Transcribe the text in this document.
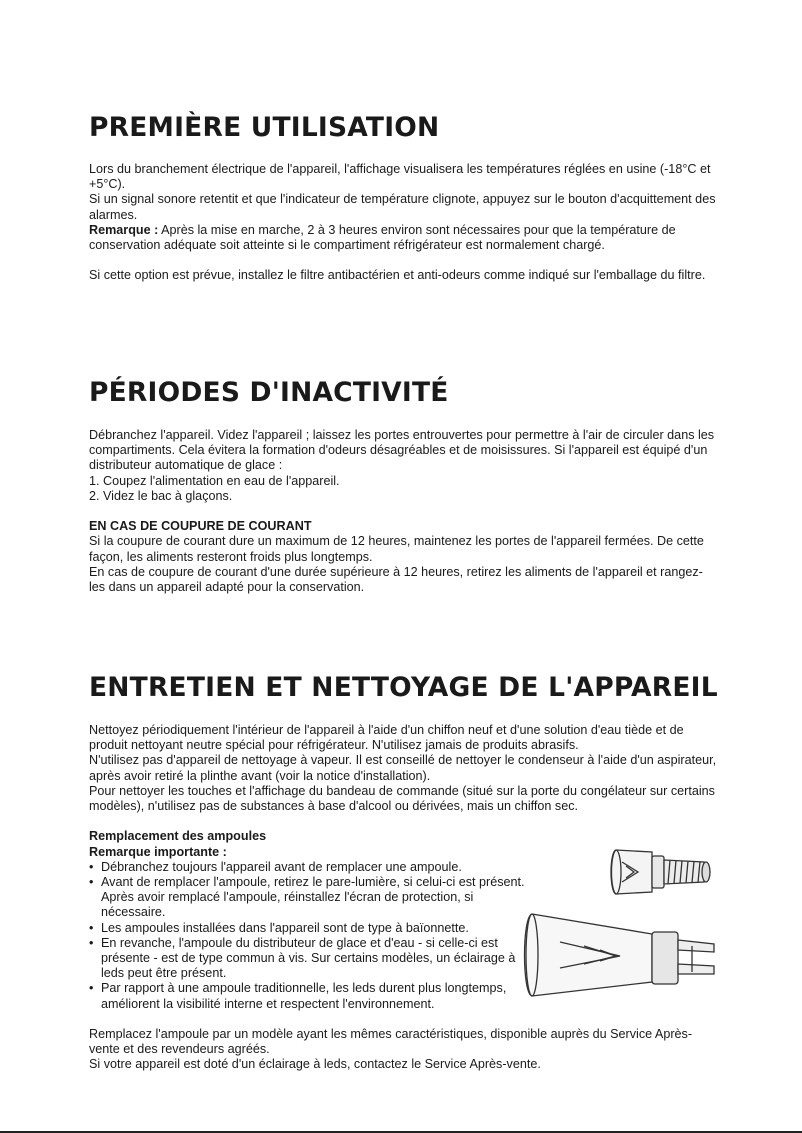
PREMIÈRE UTILISATION

Lors du branchement électrique de l'appareil, l'affichage visualisera les températures réglées en usine (-18°C et +5°C).

Si un signal sonore retentit et que l'indicateur de température clignote, appuyez sur le bouton d'acquittement des alarmes.

Remarque : Après la mise en marche, 2 à 3 heures environ sont nécessaires pour que la température de conservation adéquate soit atteinte si le compartiment réfrigérateur est normalement chargé.

Si cette option est prévue, installez le filtre antibactérien et anti-odeurs comme indiqué sur l'emballage du filtre.

PÉRIODES D'INACTIVITÉ

Débranchez l'appareil. Videz l'appareil ; laissez les portes entrouvertes pour permettre à l'air de circuler dans les compartiments. Cela évitera la formation d'odeurs désagréables et de moisissures. Si l'appareil est équipé d'un distributeur automatique de glace :

1. Coupez l'alimentation en eau de l'appareil.

2. Videz le bac à glaçons.

EN CAS DE COUPURE DE COURANT

Si la coupure de courant dure un maximum de 12 heures, maintenez les portes de l'appareil fermées. De cette façon, les aliments resteront froids plus longtemps.

En cas de coupure de courant d'une durée supérieure à 12 heures, retirez les aliments de l'appareil et rangez-les dans un appareil adapté pour la conservation.

ENTRETIEN ET NETTOYAGE DE L'APPAREIL

Nettoyez périodiquement l'intérieur de l'appareil à l'aide d'un chiffon neuf et d'une solution d'eau tiède et de produit nettoyant neutre spécial pour réfrigérateur. N'utilisez jamais de produits abrasifs.

N'utilisez pas d'appareil de nettoyage à vapeur. Il est conseillé de nettoyer le condenseur à l'aide d'un aspirateur, après avoir retiré la plinthe avant (voir la notice d'installation).

Pour nettoyer les touches et l'affichage du bandeau de commande (situé sur la porte du congélateur sur certains modèles), n'utilisez pas de substances à base d'alcool ou dérivées, mais un chiffon sec.

Remplacement des ampoules

Remarque importante :

• Débranchez toujours l'appareil avant de remplacer une ampoule.
• Avant de remplacer l'ampoule, retirez le pare-lumière, si celui-ci est présent. Après avoir remplacé l'ampoule, réinstallez l'écran de protection, si nécessaire.
• Les ampoules installées dans l'appareil sont de type à baïonnette.
• En revanche, l'ampoule du distributeur de glace et d'eau - si celle-ci est présente - est de type commun à vis. Sur certains modèles, un éclairage à leds peut être présent.
• Par rapport à une ampoule traditionnelle, les leds durent plus longtemps, améliorent la visibilité interne et respectent l'environnement.

Remplacez l'ampoule par un modèle ayant les mêmes caractéristiques, disponible auprès du Service Après-vente et des revendeurs agréés.

Si votre appareil est doté d'un éclairage à leds, contactez le Service Après-vente.
